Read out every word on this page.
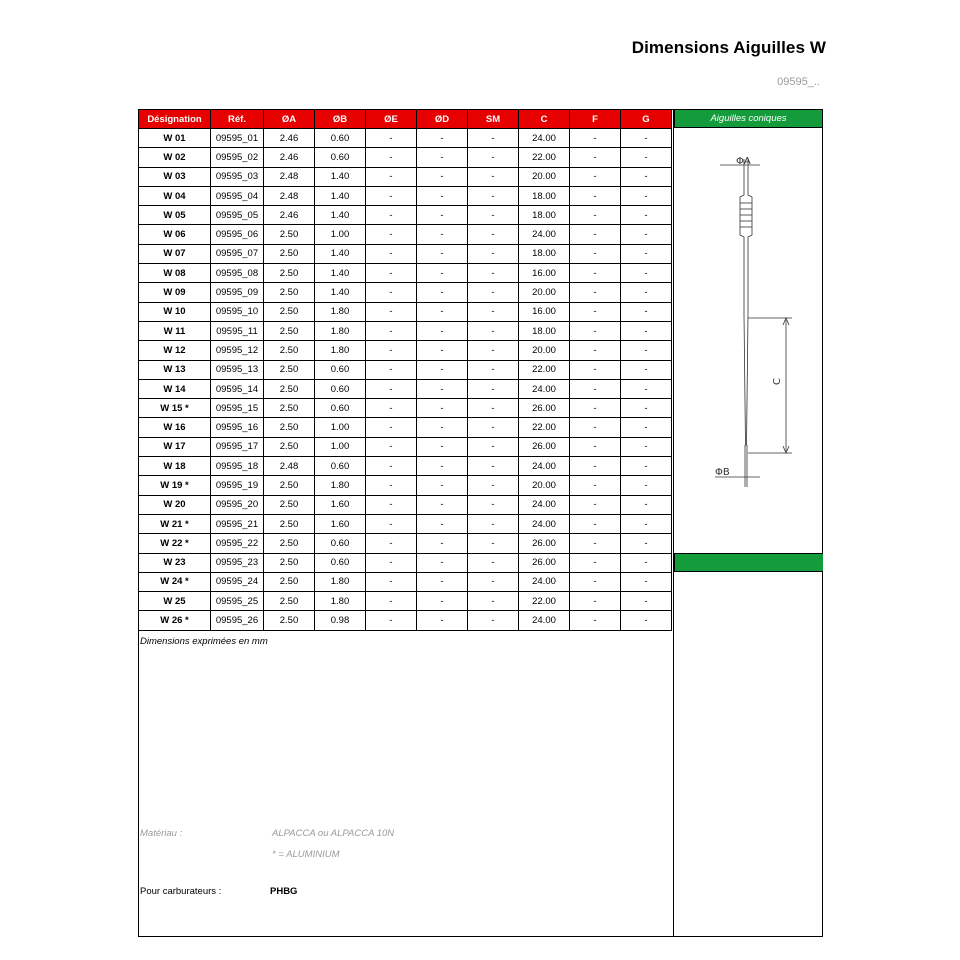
Dimensions Aiguilles W
09595_..
Désignation	Réf.	ØA	ØB	ØE	ØD	SM	C	F	G
W 01	09595_01	2.46	0.60	-	-	-	24.00	-	-
W 02	09595_02	2.46	0.60	-	-	-	22.00	-	-
W 03	09595_03	2.48	1.40	-	-	-	20.00	-	-
W 04	09595_04	2.48	1.40	-	-	-	18.00	-	-
W 05	09595_05	2.46	1.40	-	-	-	18.00	-	-
W 06	09595_06	2.50	1.00	-	-	-	24.00	-	-
W 07	09595_07	2.50	1.40	-	-	-	18.00	-	-
W 08	09595_08	2.50	1.40	-	-	-	16.00	-	-
W 09	09595_09	2.50	1.40	-	-	-	20.00	-	-
W 10	09595_10	2.50	1.80	-	-	-	16.00	-	-
W 11	09595_11	2.50	1.80	-	-	-	18.00	-	-
W 12	09595_12	2.50	1.80	-	-	-	20.00	-	-
W 13	09595_13	2.50	0.60	-	-	-	22.00	-	-
W 14	09595_14	2.50	0.60	-	-	-	24.00	-	-
W 15 *	09595_15	2.50	0.60	-	-	-	26.00	-	-
W 16	09595_16	2.50	1.00	-	-	-	22.00	-	-
W 17	09595_17	2.50	1.00	-	-	-	26.00	-	-
W 18	09595_18	2.48	0.60	-	-	-	24.00	-	-
W 19 *	09595_19	2.50	1.80	-	-	-	20.00	-	-
W 20	09595_20	2.50	1.60	-	-	-	24.00	-	-
W 21 *	09595_21	2.50	1.60	-	-	-	24.00	-	-
W 22 *	09595_22	2.50	0.60	-	-	-	26.00	-	-
W 23	09595_23	2.50	0.60	-	-	-	26.00	-	-
W 24 *	09595_24	2.50	1.80	-	-	-	24.00	-	-
W 25	09595_25	2.50	1.80	-	-	-	22.00	-	-
W 26 *	09595_26	2.50	0.98	-	-	-	24.00	-	-
Aiguilles coniques
ΦA
C
ΦB
Dimensions exprimées en mm
Matériau :	ALPACCA ou ALPACCA 10N
* = ALUMINIUM
Pour carburateurs :	PHBG
